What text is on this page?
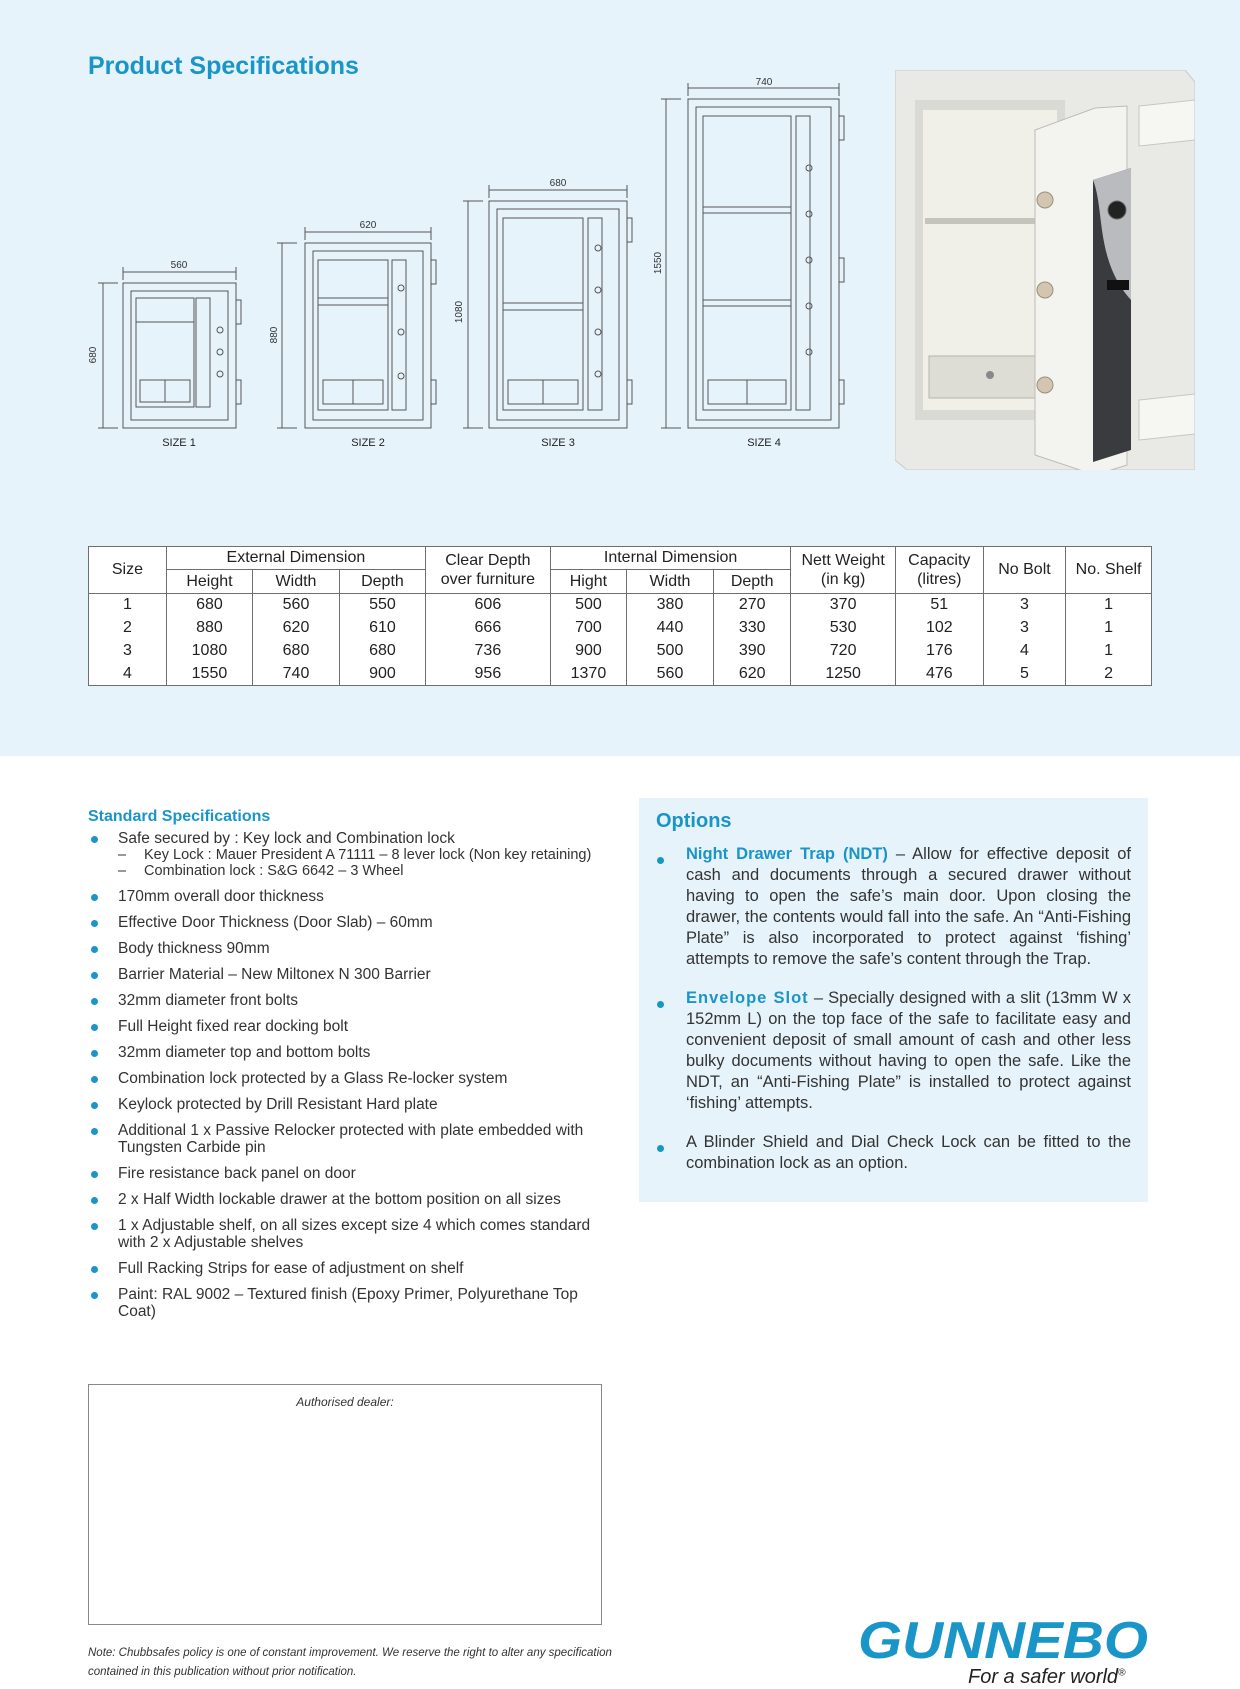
Product Specifications
560
680
620
880
680
1080
740
1550
SIZE 1	SIZE 2	SIZE 3	SIZE 4
Size	External Dimension			Clear Depth over furniture	Internal Dimension			Nett Weight (in kg)	Capacity (litres)	No Bolt	No. Shelf
	Height	Width	Depth		Hight	Width	Depth				
1	680	560	550	606	500	380	270	370	51	3	1
2	880	620	610	666	700	440	330	530	102	3	1
3	1080	680	680	736	900	500	390	720	176	4	1
4	1550	740	900	956	1370	560	620	1250	476	5	2
Standard Specifications
Safe secured by : Key lock and Combination lock
– Key Lock : Mauer President A 71111 – 8 lever lock (Non key retaining)
– Combination lock : S&G 6642 – 3 Wheel
170mm overall door thickness
Effective Door Thickness (Door Slab) – 60mm
Body thickness 90mm
Barrier Material – New Miltonex N 300 Barrier
32mm diameter front bolts
Full Height fixed rear docking bolt
32mm diameter top and bottom bolts
Combination lock protected by a Glass Re-locker system
Keylock protected by Drill Resistant Hard plate
Additional 1 x Passive Relocker protected with plate embedded with Tungsten Carbide pin
Fire resistance back panel on door
2 x Half Width lockable drawer at the bottom position on all sizes
1 x Adjustable shelf, on all sizes except size 4 which comes standard with 2 x Adjustable shelves
Full Racking Strips for ease of adjustment on shelf
Paint: RAL 9002 – Textured finish (Epoxy Primer, Polyurethane Top Coat)
Options
Night Drawer Trap (NDT) – Allow for effective deposit of cash and documents through a secured drawer without having to open the safe’s main door. Upon closing the drawer, the contents would fall into the safe. An “Anti-Fishing Plate” is also incorporated to protect against ‘fishing’ attempts to remove the safe’s content through the Trap.
Envelope Slot – Specially designed with a slit (13mm W x 152mm L) on the top face of the safe to facilitate easy and convenient deposit of small amount of cash and other less bulky documents without having to open the safe. Like the NDT, an “Anti-Fishing Plate” is installed to protect against ‘fishing’ attempts.
A Blinder Shield and Dial Check Lock can be fitted to the combination lock as an option.
Authorised dealer:

Note: Chubbsafes policy is one of constant improvement. We reserve the right to alter any specification contained in this publication without prior notification.

GUNNEBO
For a safer world®
